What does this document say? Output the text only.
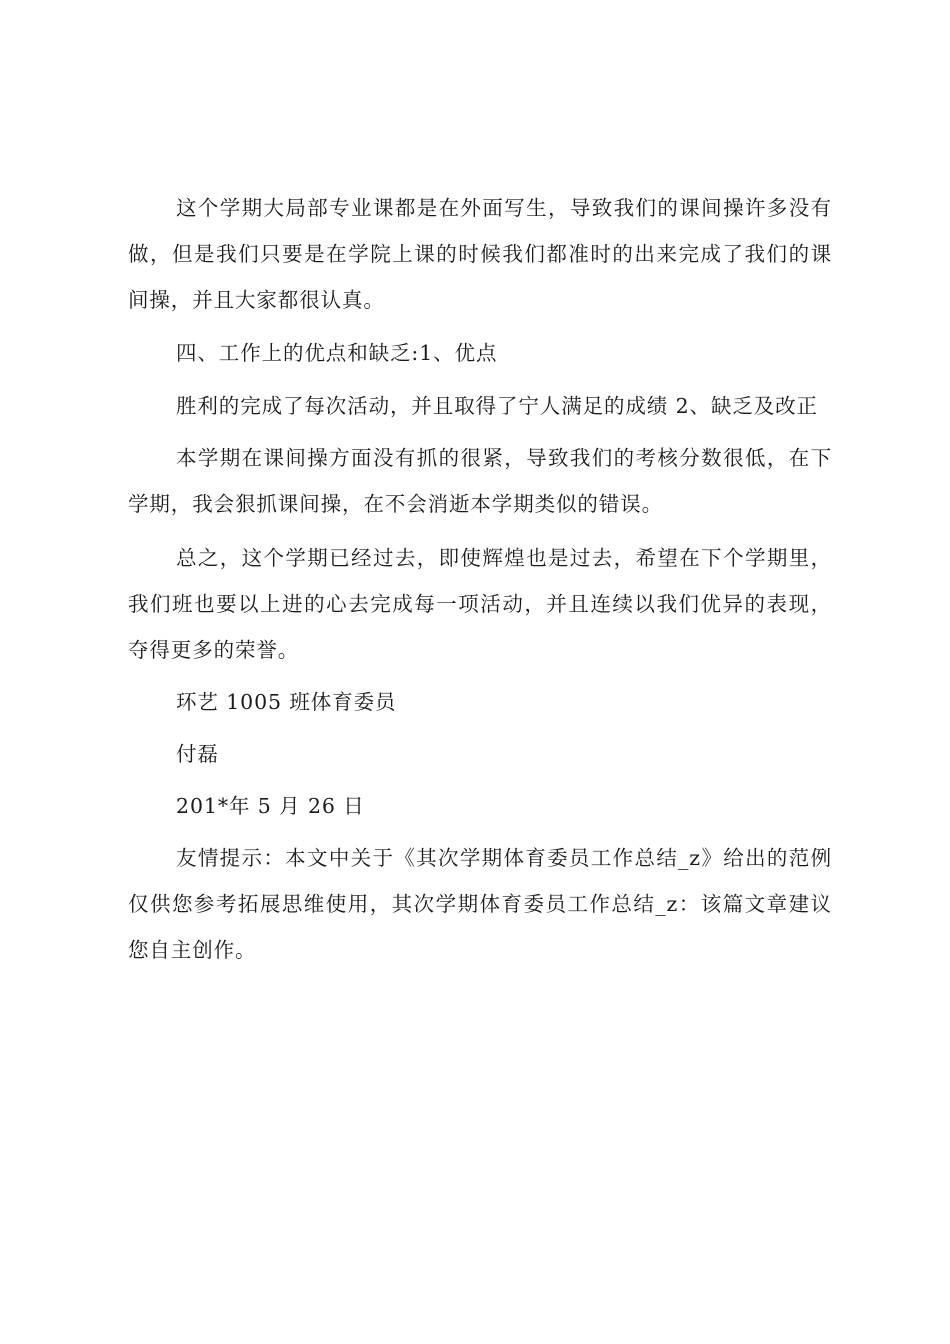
这个学期大局部专业课都是在外面写生，导致我们的课间操许多没有做，但是我们只要是在学院上课的时候我们都准时的出来完成了我们的课间操，并且大家都很认真。

四、工作上的优点和缺乏:1、优点

胜利的完成了每次活动，并且取得了宁人满足的成绩 2、缺乏及改正

本学期在课间操方面没有抓的很紧，导致我们的考核分数很低，在下学期，我会狠抓课间操，在不会消逝本学期类似的错误。

总之，这个学期已经过去，即使辉煌也是过去，希望在下个学期里，我们班也要以上进的心去完成每一项活动，并且连续以我们优异的表现，夺得更多的荣誉。

环艺 1005 班体育委员

付磊

201*年 5 月 26 日

友情提示：本文中关于《其次学期体育委员工作总结_z》给出的范例仅供您参考拓展思维使用，其次学期体育委员工作总结_z：该篇文章建议您自主创作。
